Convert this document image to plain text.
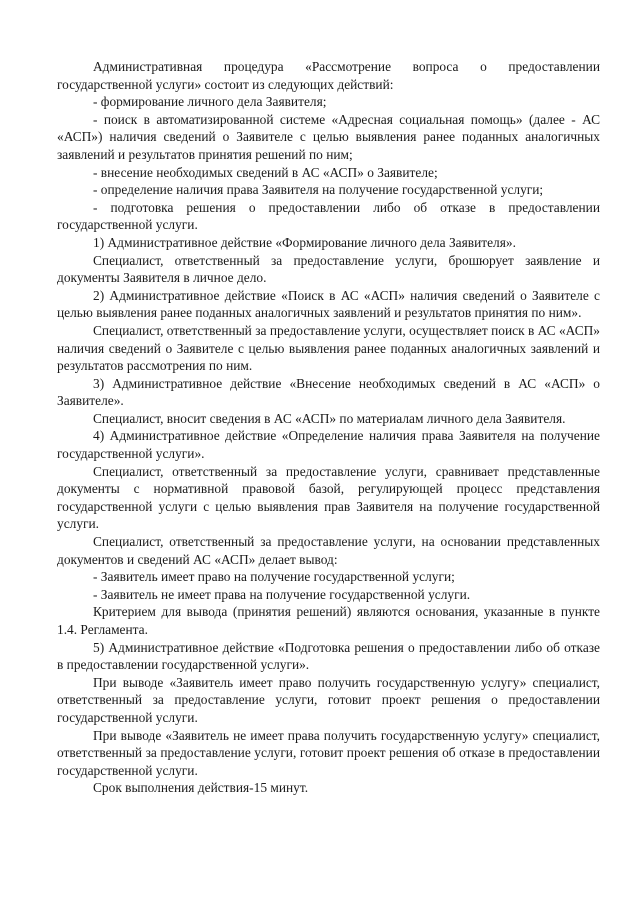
Административная процедура «Рассмотрение вопроса о предоставлении государственной услуги» состоит из следующих действий:

- формирование личного дела Заявителя;

- поиск в автоматизированной системе «Адресная социальная помощь» (далее - АС «АСП») наличия сведений о Заявителе с целью выявления ранее поданных аналогичных заявлений и результатов принятия решений по ним;

- внесение необходимых сведений в АС «АСП» о Заявителе;

- определение наличия права Заявителя на получение государственной услуги;

- подготовка решения о предоставлении либо об отказе в предоставлении государственной услуги.

1) Административное действие «Формирование личного дела Заявителя».

Специалист, ответственный за предоставление услуги, брошюрует заявление и документы Заявителя в личное дело.

2) Административное действие «Поиск в АС «АСП» наличия сведений о Заявителе с целью выявления ранее поданных аналогичных заявлений и результатов принятия по ним».

Специалист, ответственный за предоставление услуги, осуществляет поиск в АС «АСП» наличия сведений о Заявителе с целью выявления ранее поданных аналогичных заявлений и результатов рассмотрения по ним.

3) Административное действие «Внесение необходимых сведений в АС «АСП» о Заявителе».

Специалист, вносит сведения в АС «АСП» по материалам личного дела Заявителя.

4) Административное действие «Определение наличия права Заявителя на получение государственной услуги».

Специалист, ответственный за предоставление услуги, сравнивает представленные документы с нормативной правовой базой, регулирующей процесс представления государственной услуги с целью выявления прав Заявителя на получение государственной услуги.

Специалист, ответственный за предоставление услуги, на основании представленных документов и сведений АС «АСП» делает вывод:

- Заявитель имеет право на получение государственной услуги;

- Заявитель не имеет права на получение государственной услуги.

Критерием для вывода (принятия решений) являются основания, указанные в пункте 1.4. Регламента.

5) Административное действие «Подготовка решения о предоставлении либо об отказе в предоставлении государственной услуги».

При выводе «Заявитель имеет право получить государственную услугу» специалист, ответственный за предоставление услуги, готовит проект решения о предоставлении государственной услуги.

При выводе «Заявитель не имеет права получить государственную услугу» специалист, ответственный за предоставление услуги, готовит проект решения об отказе в предоставлении государственной услуги.

Срок выполнения действия-15 минут.
